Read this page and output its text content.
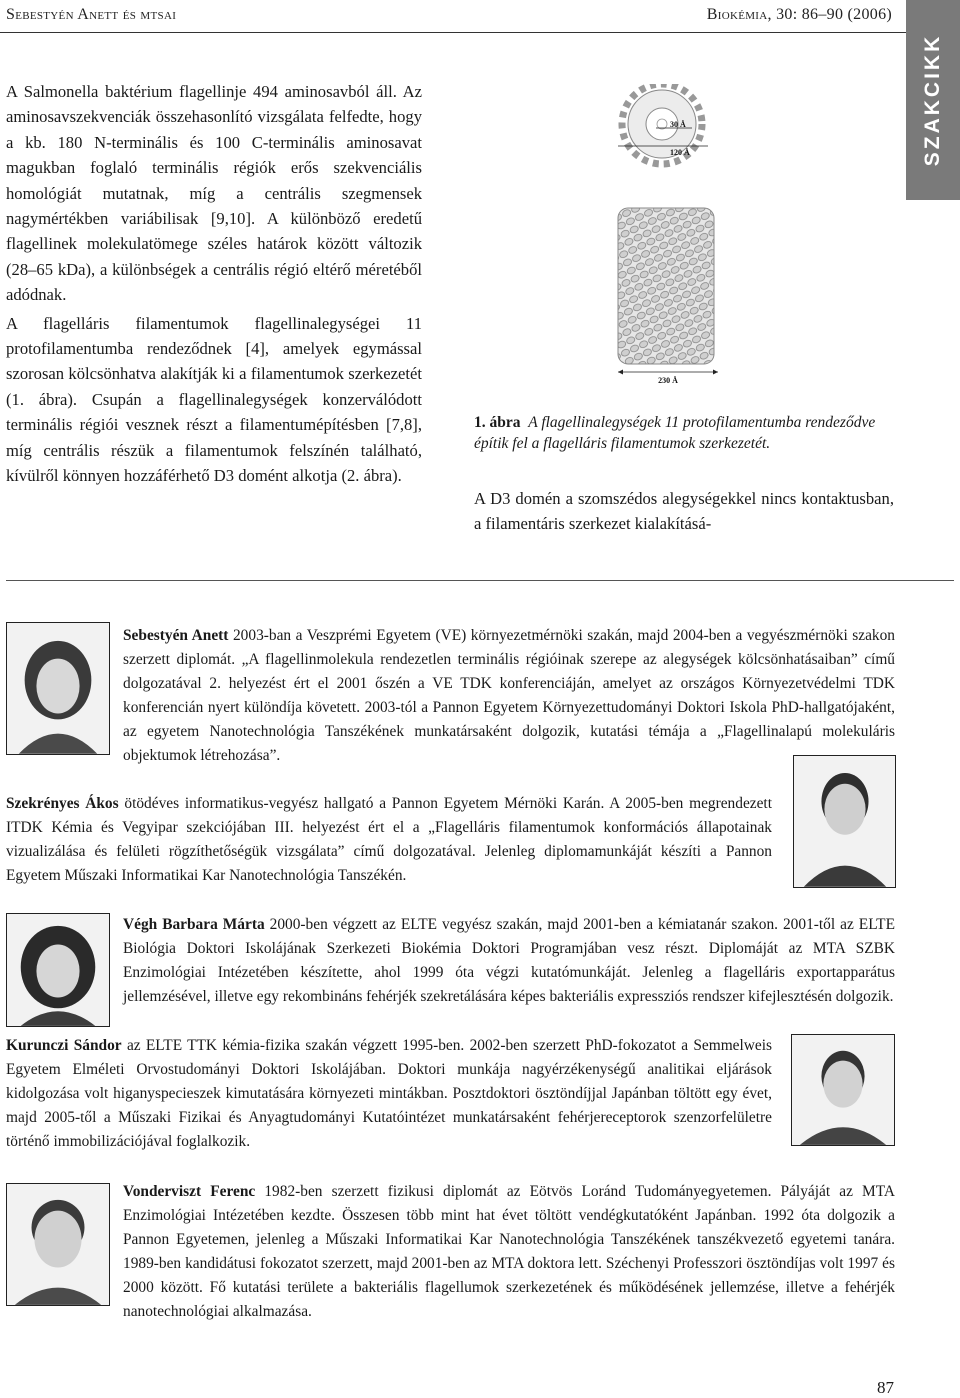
Sebestyén Anett és mtsai	Biokémia, 30: 86–90 (2006)
SZAKCIKK

A Salmonella baktérium flagellinje 494 aminosavból áll. Az aminosavszekvenciák összehasonlító vizsgálata felfedte, hogy a kb. 180 N-terminális és 100 C-terminális aminosavat magukban foglaló terminális régiók erős szekvenciális homológiát mutatnak, míg a centrális szegmensek nagymértékben variábilisak [9,10]. A különböző eredetű flagellinek molekulatömege széles határok között változik (28–65 kDa), a különbségek a centrális régió eltérő méretéből adódnak.

A flagelláris filamentumok flagellinalegységei 11 protofilamentumba rendeződnek [4], amelyek egymással szorosan kölcsönhatva alakítják ki a filamentumok szerkezetét (1. ábra). Csupán a flagellinalegységek konzerválódott terminális régiói vesznek részt a filamentumépítésben [7,8], míg centrális részük a filamentumok felszínén található, kívülről könnyen hozzáférhető D3 domént alkotja (2. ábra).

30 Å
120 Å
230 Å
1. ábra A flagellinalegységek 11 protofilamentumba rendeződve építik fel a flagelláris filamentumok szerkezetét.

A D3 domén a szomszédos alegységekkel nincs kontaktusban, a filamentáris szerkezet kialakításá-

Sebestyén Anett 2003-ban a Veszprémi Egyetem (VE) környezetmérnöki szakán, majd 2004-ben a vegyészmérnöki szakon szerzett diplomát. „A flagellinmolekula rendezetlen terminális régióinak szerepe az alegységek kölcsönhatásaiban” című dolgozatával 2. helyezést ért el 2001 őszén a VE TDK konferenciáján, amelyet az országos Környezetvédelmi TDK konferencián nyert különdíja követett. 2003-tól a Pannon Egyetem Környezettudományi Doktori Iskola PhD-hallgatójaként, az egyetem Nanotechnológia Tanszékének munkatársaként dolgozik, kutatási témája a „Flagellinalapú molekuláris objektumok létrehozása”.
Szekrényes Ákos ötödéves informatikus-vegyész hallgató a Pannon Egyetem Mérnöki Karán. A 2005-ben megrendezett ITDK Kémia és Vegyipar szekciójában III. helyezést ért el a „Flagelláris filamentumok konformációs állapotainak vizualizálása és felületi rögzíthetőségük vizsgálata” című dolgozatával. Jelenleg diplomamunkáját készíti a Pannon Egyetem Műszaki Informatikai Kar Nanotechnológia Tanszékén.
Végh Barbara Márta 2000-ben végzett az ELTE vegyész szakán, majd 2001-ben a kémiatanár szakon. 2001-től az ELTE Biológia Doktori Iskolájának Szerkezeti Biokémia Doktori Programjában vesz részt. Diplomáját az MTA SZBK Enzimológiai Intézetében készítette, ahol 1999 óta végzi kutatómunkáját. Jelenleg a flagelláris exportapparátus jellemzésével, illetve egy rekombináns fehérjék szekretálására képes bakteriális expressziós rendszer kifejlesztésén dolgozik.
Kurunczi Sándor az ELTE TTK kémia-fizika szakán végzett 1995-ben. 2002-ben szerzett PhD-fokozatot a Semmelweis Egyetem Elméleti Orvostudományi Doktori Iskolájában. Doktori munkája nagyérzékenységű analitikai eljárások kidolgozása volt higanyspecieszek kimutatására környezeti mintákban. Posztdoktori ösztöndíjjal Japánban töltött egy évet, majd 2005-től a Műszaki Fizikai és Anyagtudományi Kutatóintézet munkatársaként fehérjereceptorok szenzorfelületre történő immobilizációjával foglalkozik.
Vonderviszt Ferenc 1982-ben szerzett fizikusi diplomát az Eötvös Loránd Tudományegyetemen. Pályáját az MTA Enzimológiai Intézetében kezdte. Összesen több mint hat évet töltött vendégkutatóként Japánban. 1992 óta dolgozik a Pannon Egyetemen, jelenleg a Műszaki Informatikai Kar Nanotechnológia Tanszékének tanszékvezető egyetemi tanára. 1989-ben kandidátusi fokozatot szerzett, majd 2001-ben az MTA doktora lett. Széchenyi Professzori ösztöndíjas volt 1997 és 2000 között. Fő kutatási területe a bakteriális flagellumok szerkezetének és működésének jellemzése, illetve a fehérjék nanotechnológiai alkalmazása.
87
